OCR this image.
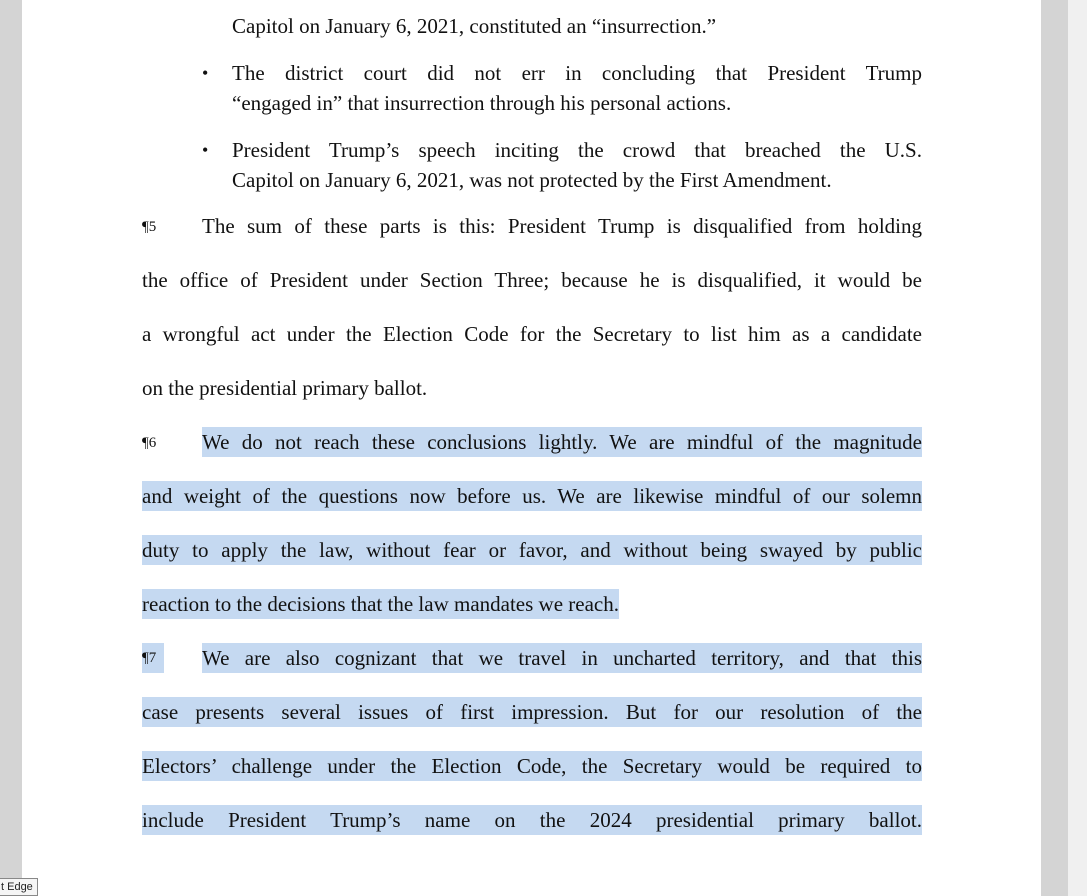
Capitol on January 6, 2021, constituted an “insurrection.”
• The district court did not err in concluding that President Trump
“engaged in” that insurrection through his personal actions.
• President Trump’s speech inciting the crowd that breached the U.S.
Capitol on January 6, 2021, was not protected by the First Amendment.
¶5 The sum of these parts is this: President Trump is disqualified from holding
the office of President under Section Three; because he is disqualified, it would be
a wrongful act under the Election Code for the Secretary to list him as a candidate
on the presidential primary ballot.
¶6 We do not reach these conclusions lightly. We are mindful of the magnitude
and weight of the questions now before us. We are likewise mindful of our solemn
duty to apply the law, without fear or favor, and without being swayed by public
reaction to the decisions that the law mandates we reach.
¶7	We are also cognizant that we travel in uncharted territory, and that this
case presents several issues of first impression. But for our resolution of the
Electors’ challenge under the Election Code, the Secretary would be required to
include President Trump’s name on the 2024 presidential primary ballot.
t Edge
